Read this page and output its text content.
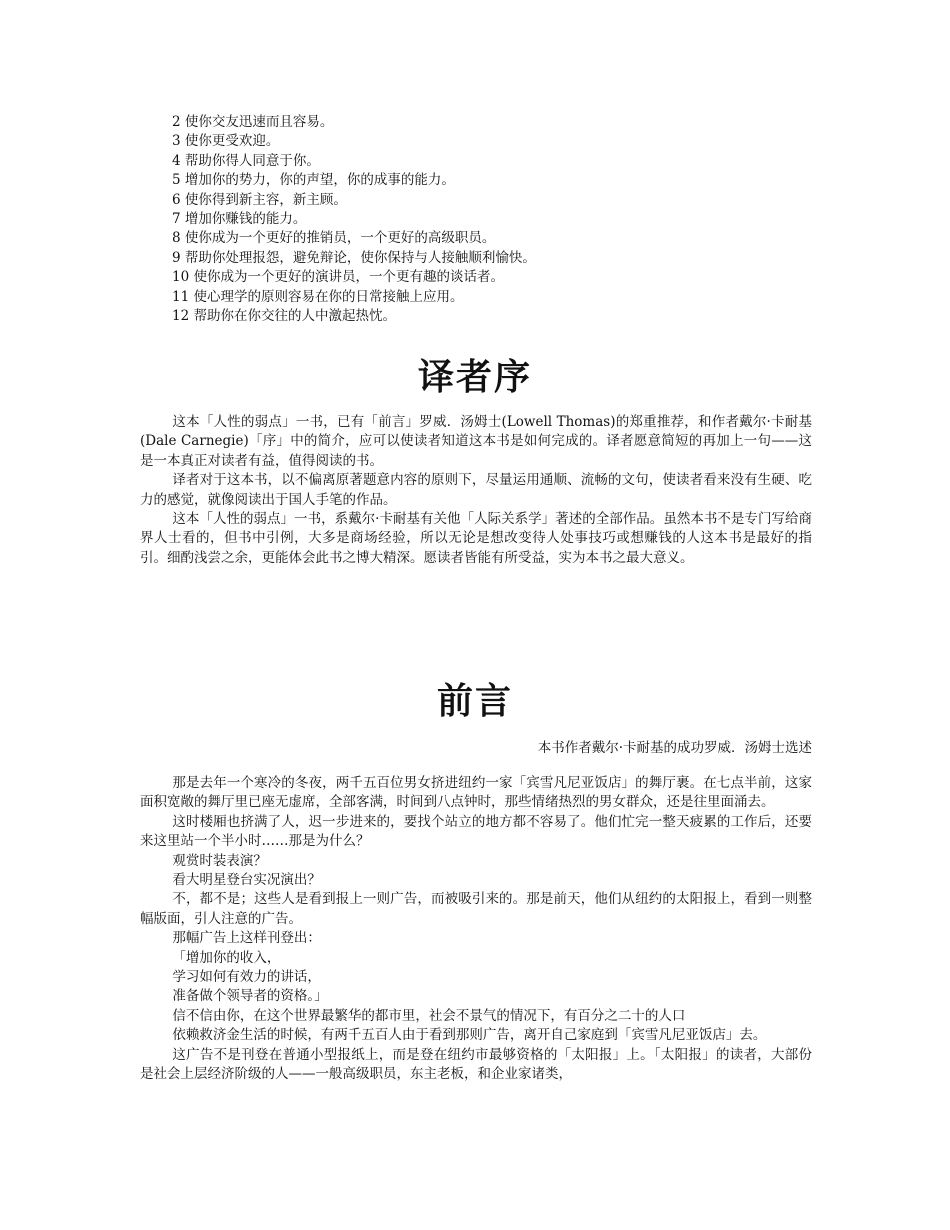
2 使你交友迅速而且容易。
3 使你更受欢迎。
4 帮助你得人同意于你。
5 增加你的势力，你的声望，你的成事的能力。
6 使你得到新主容，新主顾。
7 增加你赚钱的能力。
8 使你成为一个更好的推销员，一个更好的高级职员。
9 帮助你处理报怨，避免辩论，使你保持与人接触顺利愉快。
10 使你成为一个更好的演讲员，一个更有趣的谈话者。
11 使心理学的原则容易在你的日常接触上应用。
12 帮助你在你交往的人中激起热忱。
译者序

这本「人性的弱点」一书，已有「前言」罗威．汤姆士(Lowell Thomas)的郑重推荐，和作者戴尔·卡耐基(Dale Carnegie)「序」中的简介，应可以使读者知道这本书是如何完成的。译者愿意简短的再加上一句——这是一本真正对读者有益，值得阅读的书。

译者对于这本书，以不偏离原著题意内容的原则下，尽量运用通顺、流畅的文句，使读者看来没有生硬、吃力的感觉，就像阅读出于国人手笔的作品。

这本「人性的弱点」一书，系戴尔·卡耐基有关他「人际关系学」著述的全部作品。虽然本书不是专门写给商界人士看的，但书中引例，大多是商场经验，所以无论是想改变待人处事技巧或想赚钱的人这本书是最好的指引。细酌浅尝之余，更能体会此书之博大精深。愿读者皆能有所受益，实为本书之最大意义。

前言

本书作者戴尔·卡耐基的成功罗威．汤姆士选述

那是去年一个寒冷的冬夜，两千五百位男女挤进纽约一家「宾雪凡尼亚饭店」的舞厅裹。在七点半前，这家面积宽敞的舞厅里已座无虚席，全部客满，时间到八点钟时，那些情绪热烈的男女群众，还是往里面涌去。

这时楼厢也挤满了人，迟一步进来的，要找个站立的地方都不容易了。他们忙完一整天疲累的工作后，还要来这里站一个半小时……那是为什么？

观赏时装表演？

看大明星登台实况演出？

不，都不是；这些人是看到报上一则广告，而被吸引来的。那是前天，他们从纽约的太阳报上，看到一则整幅版面，引人注意的广告。

那幅广告上这样刊登出：

「增加你的收入，

学习如何有效力的讲话，

准备做个领导者的资格。」

信不信由你，在这个世界最繁华的都市里，社会不景气的情况下，有百分之二十的人口

依赖救济金生活的时候，有两千五百人由于看到那则广告，离开自己家庭到「宾雪凡尼亚饭店」去。

这广告不是刊登在普通小型报纸上，而是登在纽约市最够资格的「太阳报」上。「太阳报」的读者，大部份是社会上层经济阶级的人——一般高级职员，东主老板，和企业家诸类，
